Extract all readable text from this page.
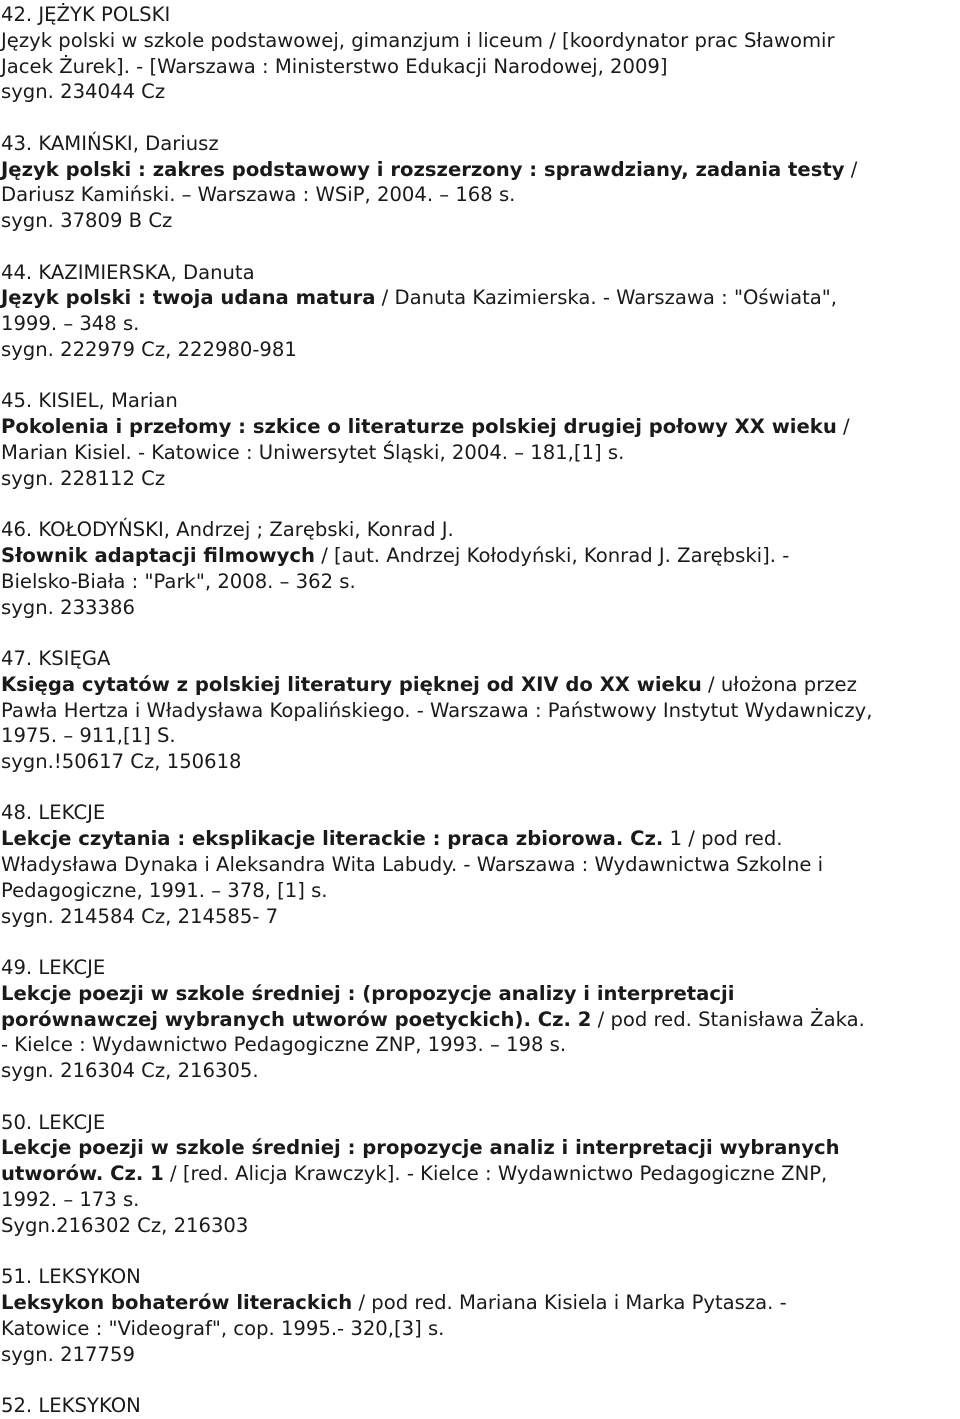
42. JĘŻYK POLSKI
Język polski w szkole podstawowej, gimanzjum i liceum / [koordynator prac Sławomir
Jacek Żurek]. - [Warszawa : Ministerstwo Edukacji Narodowej, 2009]
sygn. 234044 Cz
43. KAMIŃSKI, Dariusz
Język polski : zakres podstawowy i rozszerzony : sprawdziany, zadania testy /
Dariusz Kamiński. – Warszawa : WSiP, 2004. – 168 s.
sygn. 37809 B Cz
44. KAZIMIERSKA, Danuta
Język polski : twoja udana matura / Danuta Kazimierska. - Warszawa : "Oświata",
1999. – 348 s.
sygn. 222979 Cz, 222980-981
45. KISIEL, Marian
Pokolenia i przełomy : szkice o literaturze polskiej drugiej połowy XX wieku /
Marian Kisiel. - Katowice : Uniwersytet Śląski, 2004. – 181,[1] s.
sygn. 228112 Cz
46. KOŁODYŃSKI, Andrzej ; Zarębski, Konrad J.
Słownik adaptacji filmowych / [aut. Andrzej Kołodyński, Konrad J. Zarębski]. -
Bielsko-Biała : "Park", 2008. – 362 s.
sygn. 233386
47. KSIĘGA
Księga cytatów z polskiej literatury pięknej od XIV do XX wieku / ułożona przez
Pawła Hertza i Władysława Kopalińskiego. - Warszawa : Państwowy Instytut Wydawniczy,
1975. – 911,[1] S.
sygn.!50617 Cz, 150618
48. LEKCJE
Lekcje czytania : eksplikacje literackie : praca zbiorowa. Cz. 1 / pod red.
Władysława Dynaka i Aleksandra Wita Labudy. - Warszawa : Wydawnictwa Szkolne i
Pedagogiczne, 1991. – 378, [1] s.
sygn. 214584 Cz, 214585- 7
49. LEKCJE
Lekcje poezji w szkole średniej : (propozycje analizy i interpretacji
porównawczej wybranych utworów poetyckich). Cz. 2 / pod red. Stanisława Żaka.
- Kielce : Wydawnictwo Pedagogiczne ZNP, 1993. – 198 s.
sygn. 216304 Cz, 216305.
50. LEKCJE
Lekcje poezji w szkole średniej : propozycje analiz i interpretacji wybranych
utworów. Cz. 1 / [red. Alicja Krawczyk]. - Kielce : Wydawnictwo Pedagogiczne ZNP,
1992. – 173 s.
Sygn.216302 Cz, 216303
51. LEKSYKON
Leksykon bohaterów literackich / pod red. Mariana Kisiela i Marka Pytasza. -
Katowice : "Videograf", cop. 1995.- 320,[3] s.
sygn. 217759
52. LEKSYKON
